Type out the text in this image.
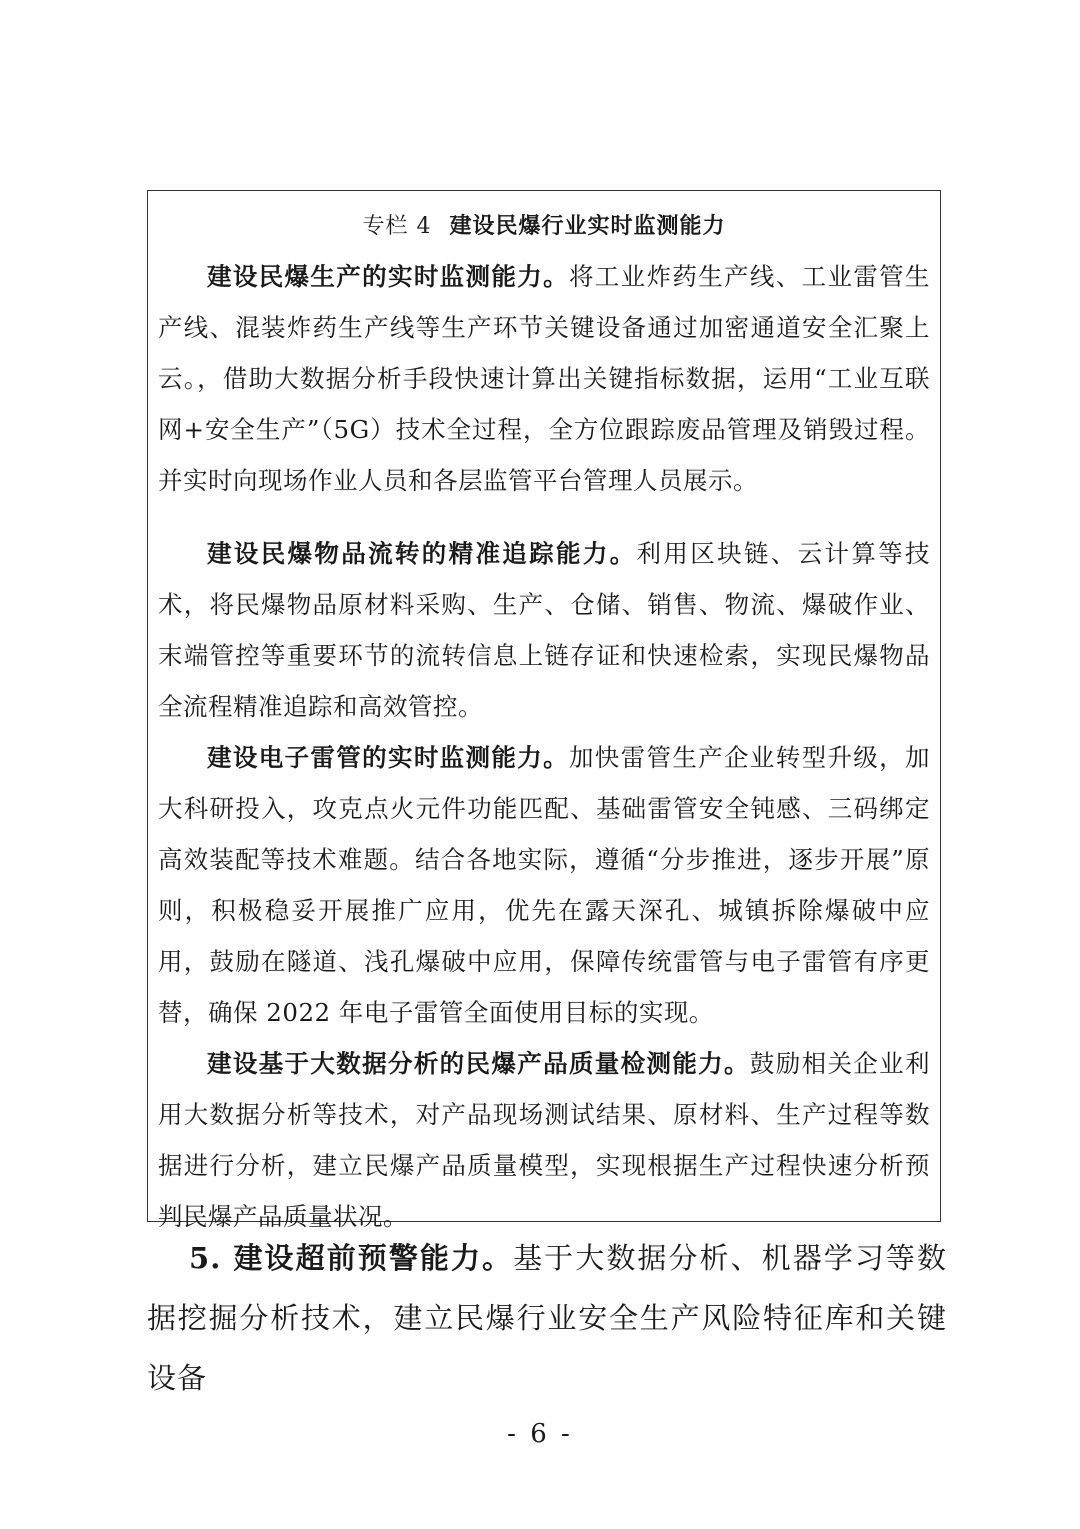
专栏 4 建设民爆行业实时监测能力

建设民爆生产的实时监测能力。将工业炸药生产线、工业雷管生产线、混装炸药生产线等生产环节关键设备通过加密通道安全汇聚上云。，借助大数据分析手段快速计算出关键指标数据，运用“工业互联网+安全生产”（5G）技术全过程，全方位跟踪废品管理及销毁过程。并实时向现场作业人员和各层监管平台管理人员展示。

建设民爆物品流转的精准追踪能力。利用区块链、云计算等技术，将民爆物品原材料采购、生产、仓储、销售、物流、爆破作业、末端管控等重要环节的流转信息上链存证和快速检索，实现民爆物品全流程精准追踪和高效管控。

建设电子雷管的实时监测能力。加快雷管生产企业转型升级，加大科研投入，攻克点火元件功能匹配、基础雷管安全钝感、三码绑定高效装配等技术难题。结合各地实际，遵循“分步推进，逐步开展”原则，积极稳妥开展推广应用，优先在露天深孔、城镇拆除爆破中应用，鼓励在隧道、浅孔爆破中应用，保障传统雷管与电子雷管有序更替，确保 2022 年电子雷管全面使用目标的实现。

建设基于大数据分析的民爆产品质量检测能力。鼓励相关企业利用大数据分析等技术，对产品现场测试结果、原材料、生产过程等数据进行分析，建立民爆产品质量模型，实现根据生产过程快速分析预判民爆产品质量状况。

5. 建设超前预警能力。基于大数据分析、机器学习等数据挖掘分析技术，建立民爆行业安全生产风险特征库和关键设备

- 6 -
